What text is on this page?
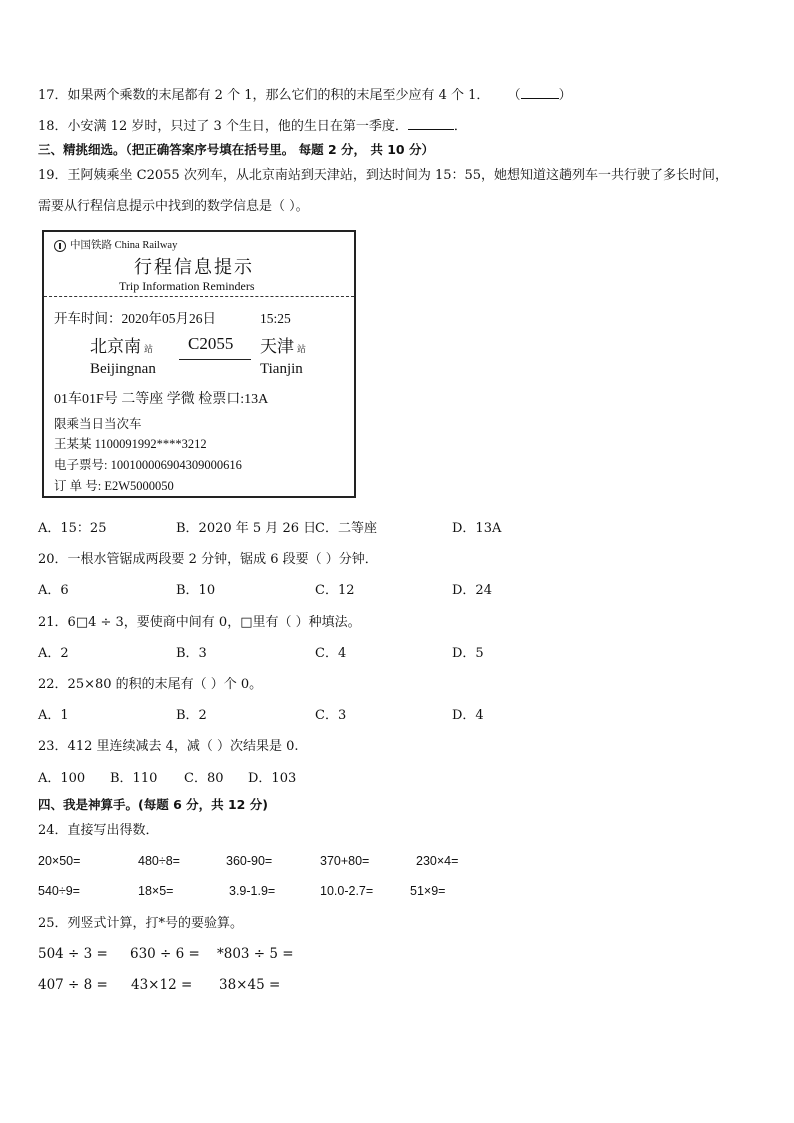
17．如果两个乘数的末尾都有 2 个 1，那么它们的积的末尾至少应有 4 个 1． （	）
18．小安满 12 岁时，只过了 3 个生日，他的生日在第一季度．	．
三、精挑细选。（把正确答案序号填在括号里。 每题 2 分， 共 10 分）
19．王阿姨乘坐 C2055 次列车，从北京南站到天津站，到达时间为 15：55，她想知道这趟列车一共行驶了多长时间，
需要从行程信息提示中找到的数学信息是（ ）。
中国铁路 China Railway
行程信息提示
Trip Information Reminders
开车时间：2020年05月26日	15:25
北京南 站 C2055 天津 站
Beijingnan	Tianjin
01车01F号 二等座 学微 检票口:13A
限乘当日当次车
王某某 1100091992****3212
电子票号: 10010000690430900061​6
订 单 号: E2W5000050
A．15：25	B．2020 年 5 月 26 日
C．二等座	D．13A
20．一根水管锯成两段要 2 分钟，锯成 6 段要（ ）分钟．
A．6	B．10	C．12	D．24
21．6□4 ÷ 3，要使商中间有 0，□里有（ ）种填法。
A．2	B．3	C．4	D．5
22．25×80 的积的末尾有（ ）个 0。
A．1	B．2	C．3	D．4
23．412 里连续减去 4，减（ ）次结果是 0.
A．100 B．110 C．80 D．103
四、我是神算手。(每题 6 分，共 12 分)
24．直接写出得数．
20×50=	480÷8=	360-90=	370+80=	230×4=
540÷9=	18×5=	3.9-1.9=	10.0-2.7=	51×9=
25．列竖式计算，打*号的要验算。
504 ÷ 3 = 630 ÷ 6 = *803 ÷ 5 =
407 ÷ 8 = 43×12 = 38×45 =
